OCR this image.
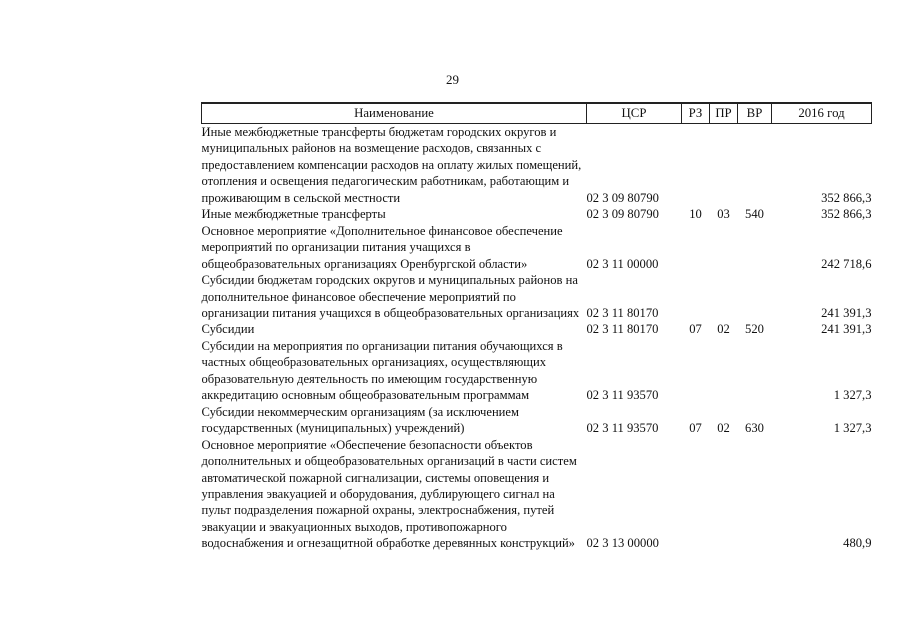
29
Наименование	ЦСР	РЗ	ПР	ВР	2016 год
Иные межбюджетные трансферты бюджетам городских округов и муниципальных районов на возмещение расходов, связанных с предоставлением компенсации расходов на оплату жилых помещений, отопления и освещения педагогическим работникам, работающим и проживающим в сельской местности	02 3 09 80790				352 866,3
Иные межбюджетные трансферты	02 3 09 80790	10	03	540	352 866,3
Основное мероприятие «Дополнительное финансовое обеспечение мероприятий по организации питания учащихся в общеобразовательных организациях Оренбургской области»	02 3 11 00000				242 718,6
Субсидии бюджетам городских округов и муниципальных районов на дополнительное финансовое обеспечение мероприятий по организации питания учащихся в общеобразовательных организациях	02 3 11 80170				241 391,3
Субсидии	02 3 11 80170	07	02	520	241 391,3
Субсидии на мероприятия по организации питания обучающихся в частных общеобразовательных организациях, осуществляющих образовательную деятельность по имеющим государственную аккредитацию основным общеобразовательным программам	02 3 11 93570				1 327,3
Субсидии некоммерческим организациям (за исключением государственных (муниципальных) учреждений)	02 3 11 93570	07	02	630	1 327,3
Основное мероприятие «Обеспечение безопасности объектов дополнительных и общеобразовательных организаций в части систем автоматической пожарной сигнализации, системы оповещения и управления эвакуацией и оборудования, дублирующего сигнал на пульт подразделения пожарной охраны, электроснабжения, путей эвакуации и эвакуационных выходов, противопожарного водоснабжения и огнезащитной обработке деревянных конструкций»	02 3 13 00000				480,9
